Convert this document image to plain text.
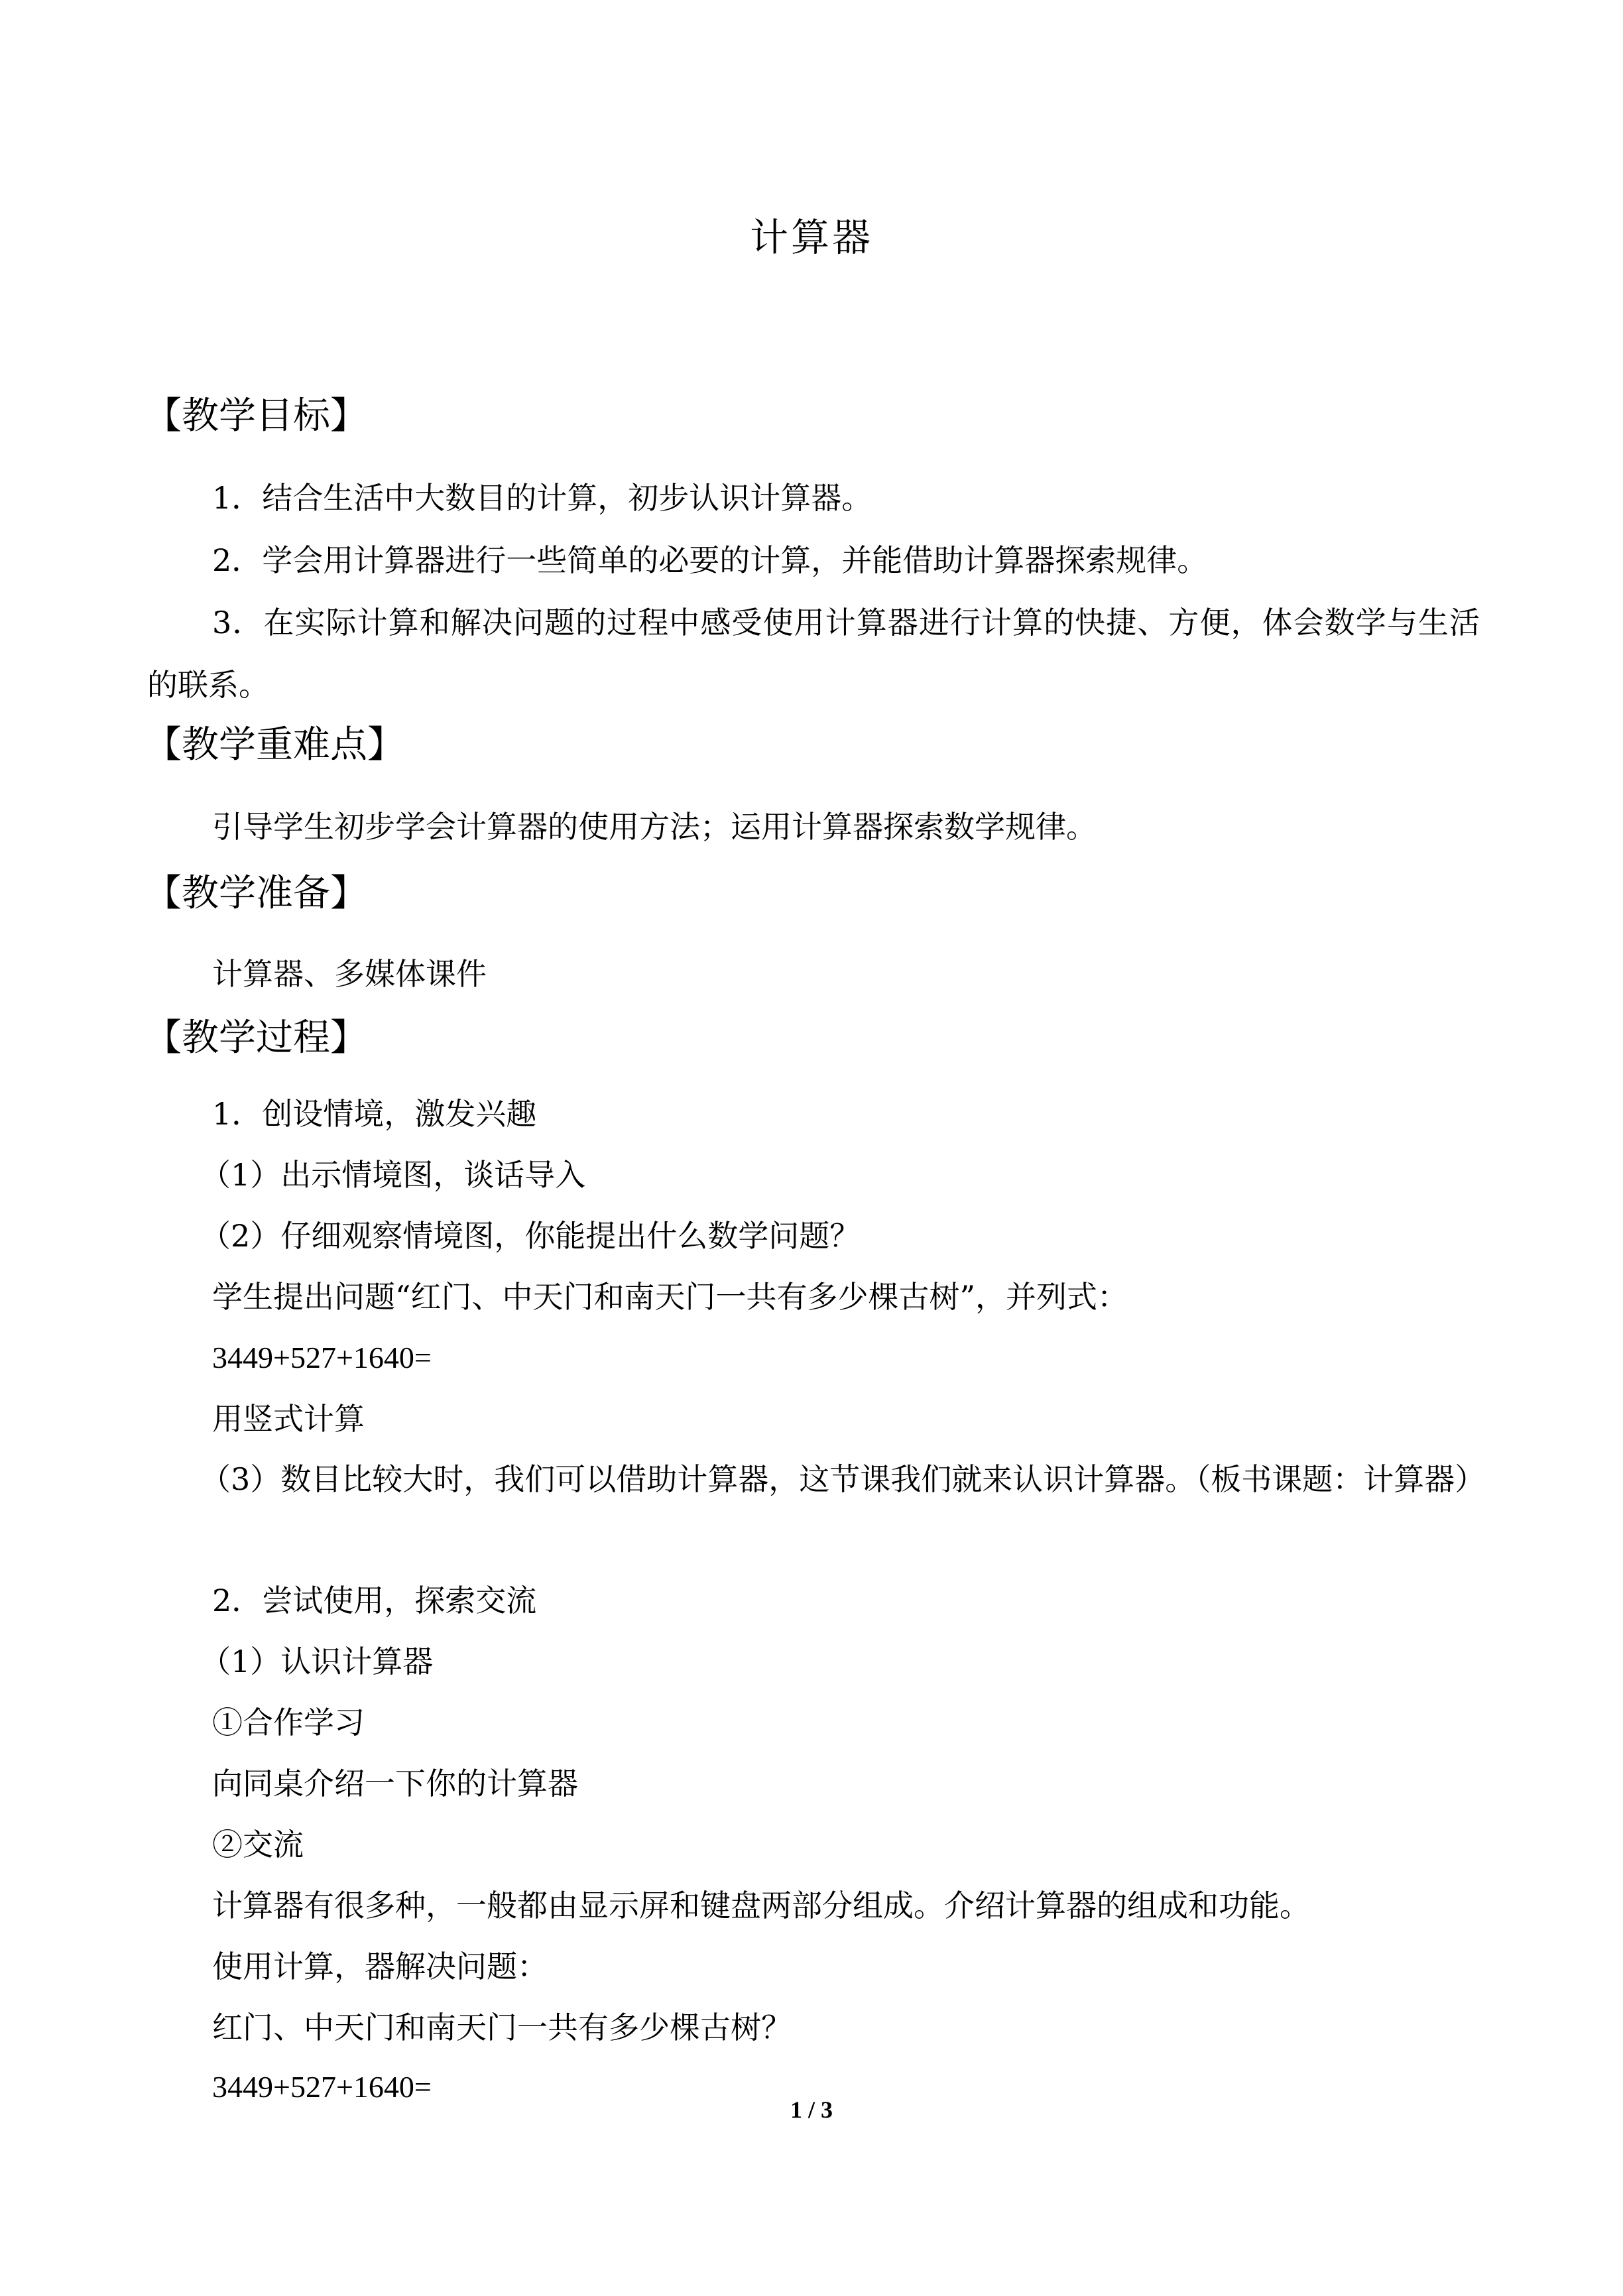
计算器
【教学目标】
1．结合生活中大数目的计算，初步认识计算器。
2．学会用计算器进行一些简单的必要的计算，并能借助计算器探索规律。
3．在实际计算和解决问题的过程中感受使用计算器进行计算的快捷、方便，体会数学与生活的联系。
【教学重难点】
引导学生初步学会计算器的使用方法；运用计算器探索数学规律。
【教学准备】
计算器、多媒体课件
【教学过程】
1．创设情境，激发兴趣
（1）出示情境图，谈话导入
（2）仔细观察情境图，你能提出什么数学问题？
学生提出问题“红门、中天门和南天门一共有多少棵古树”，并列式：
3449+527+1640=
用竖式计算
（3）数目比较大时，我们可以借助计算器，这节课我们就来认识计算器。（板书课题：计算器）
2．尝试使用，探索交流
（1）认识计算器
①合作学习
向同桌介绍一下你的计算器
②交流
计算器有很多种，一般都由显示屏和键盘两部分组成。介绍计算器的组成和功能。
使用计算，器解决问题：
红门、中天门和南天门一共有多少棵古树？
3449+527+1640=
1 / 3
